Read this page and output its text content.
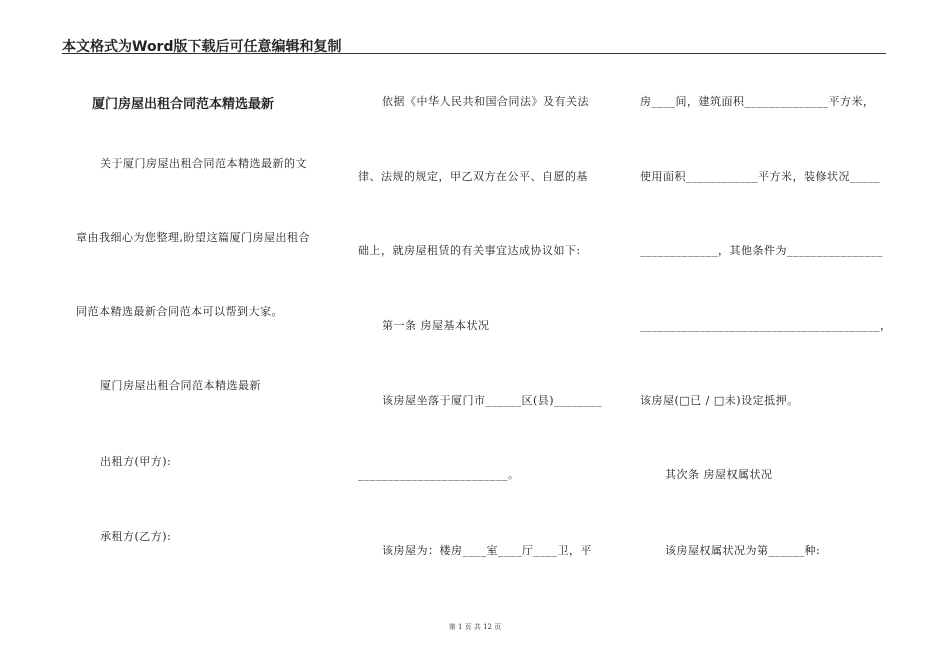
本文格式为Word版下载后可任意编辑和复制
厦门房屋出租合同范本精选最新
关于厦门房屋出租合同范本精选最新的文
章由我细心为您整理,盼望这篇厦门房屋出租合
同范本精选最新合同范本可以帮到大家。
厦门房屋出租合同范本精选最新
出租方(甲方):
承租方(乙方):
依据《中华人民共和国合同法》及有关法
律、法规的规定，甲乙双方在公平、自愿的基
础上，就房屋租赁的有关事宜达成协议如下:
第一条 房屋基本状况
该房屋坐落于厦门市______区(县)________
_________________________。
该房屋为：楼房____室____厅____卫，平
房____间，建筑面积______________平方米，
使用面积____________平方米，装修状况_____
_____________，其他条件为________________
________________________________________，
该房屋(□已 / □未)设定抵押。
其次条 房屋权属状况
该房屋权属状况为第______种:
第 1 页 共 12 页
